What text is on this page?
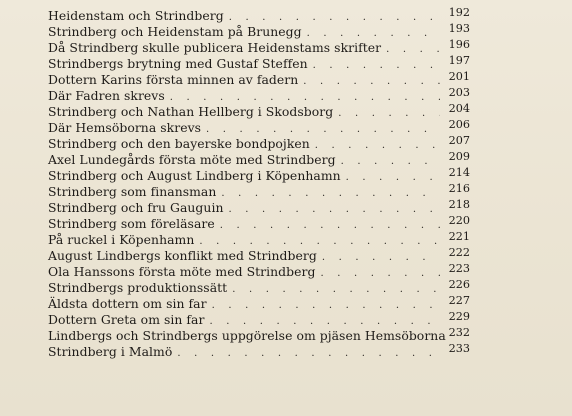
Heidenstam och Strindberg . . .	192
Strindberg och Heidenstam på Brunegg . . .	193
Då Strindberg skulle publicera Heidenstams skrifter . . .	196
Strindbergs brytning med Gustaf Steffen . . .	197
Dottern Karins första minnen av fadern . . .	201
Där Fadren skrevs . . .	203
Strindberg och Nathan Hellberg i Skodsborg . . .	204
Där Hemsöborna skrevs . . .	206
Strindberg och den bayerske bondpojken . . .	207
Axel Lundegårds första möte med Strindberg . . .	209
Strindberg och August Lindberg i Köpenhamn . . .	214
Strindberg som finansman . . .	216
Strindberg och fru Gauguin . . .	218
Strindberg som föreläsare . . .	220
På ruckel i Köpenhamn . . .	221
August Lindbergs konflikt med Strindberg . . .	222
Ola Hanssons första möte med Strindberg . . .	223
Strindbergs produktionssätt . . .	226
Äldsta dottern om sin far . . .	227
Dottern Greta om sin far . . .	229
Lindbergs och Strindbergs uppgörelse om pjäsen Hemsöborna 232
Strindberg i Malmö . . .	233
